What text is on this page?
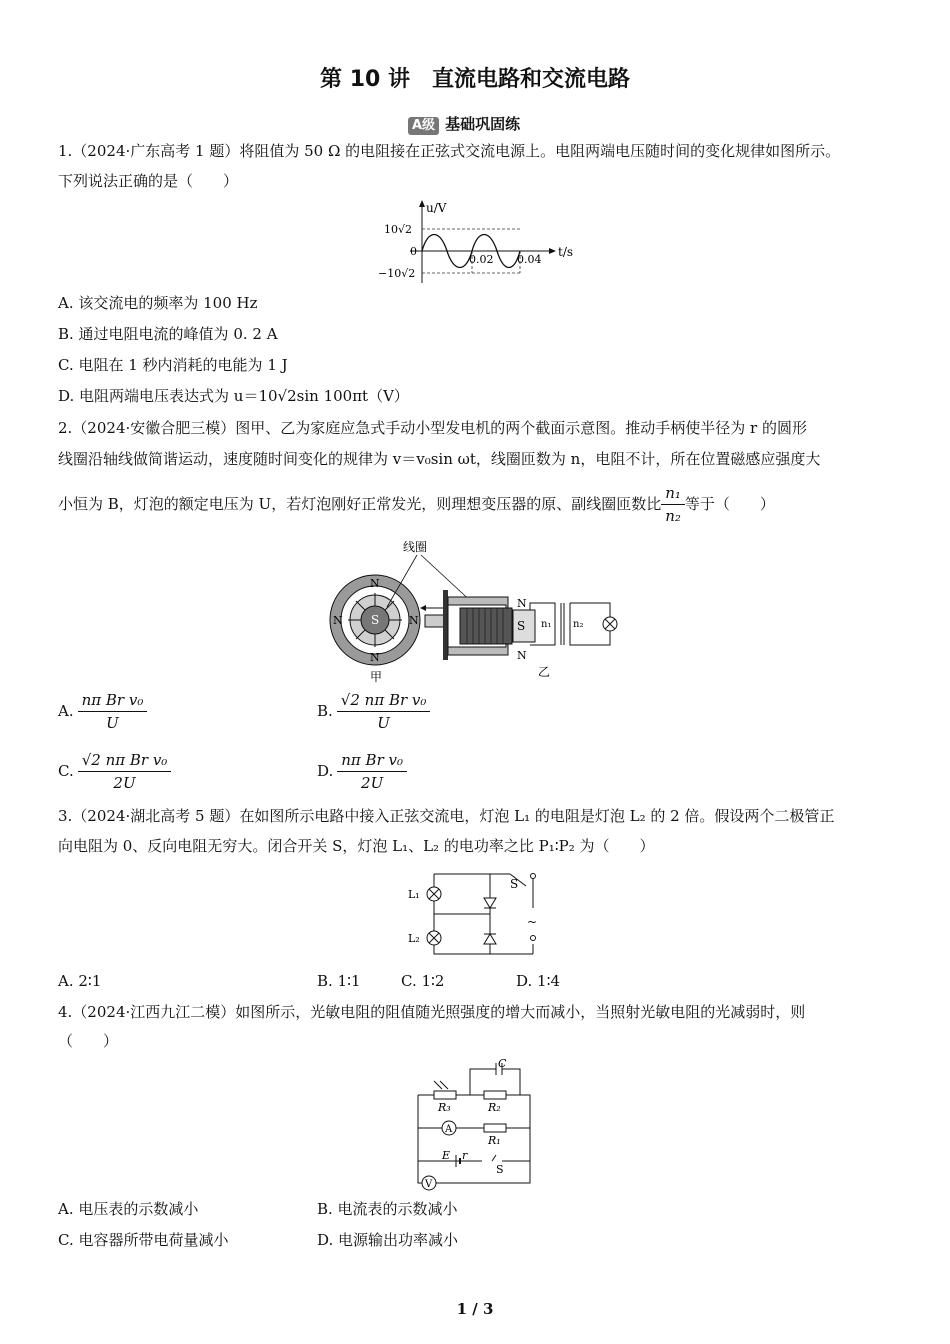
第 10 讲　直流电路和交流电路
A级 基础巩固练
1.（2024·广东高考 1 题）将阻值为 50 Ω 的电阻接在正弦式交流电源上。电阻两端电压随时间的变化规律如图所示。
下列说法正确的是（　　）
u/V
t/s
10√2
0
−10√2
0.02 0.04
A. 该交流电的频率为 100 Hz
B. 通过电阻电流的峰值为 0. 2 A
C. 电阻在 1 秒内消耗的电能为 1 J
D. 电阻两端电压表达式为 u＝10√2sin 100πt（V）
2.（2024·安徽合肥三模）图甲、乙为家庭应急式手动小型发电机的两个截面示意图。推动手柄使半径为 r 的圆形
线圈沿轴线做简谐运动，速度随时间变化的规律为 v＝v₀sin ωt，线圈匝数为 n，电阻不计，所在位置磁感应强度大
小恒为 B，灯泡的额定电压为 U，若灯泡刚好正常发光，则理想变压器的原、副线圈匝数比 $\frac{\text{n₁}}{\text{n₂}}$ 等于（　　）
S
N
N
N	N
甲
线圈
S
N
N
乙
n₁ n₂
A. $\frac{\text{nπ Br v₀}}{U}$	B. $\frac{\text{√2 nπ Br v₀}}{U}$
C. $\frac{\text{√2 nπ Br v₀}}{2U}$	D. $\frac{\text{nπ Br v₀}}{2U}$
3.（2024·湖北高考 5 题）在如图所示电路中接入正弦交流电，灯泡 L₁ 的电阻是灯泡 L₂ 的 2 倍。假设两个二极管正
向电阻为 0、反向电阻无穷大。闭合开关 S，灯泡 L₁、L₂ 的电功率之比 P₁∶P₂ 为（　　）
~
S
L₁
L₂
A. 2∶1	B. 1∶1	C. 1∶2	D. 1∶4
4.（2024·江西九江二模）如图所示，光敏电阻的阻值随光照强度的增大而减小，当照射光敏电阻的光减弱时，则
（　　）
A
V
C
R₃	R₂
R₁
E r
S
A. 电压表的示数减小	B. 电流表的示数减小
C. 电容器所带电荷量减小	D. 电源输出功率减小
1 / 3
